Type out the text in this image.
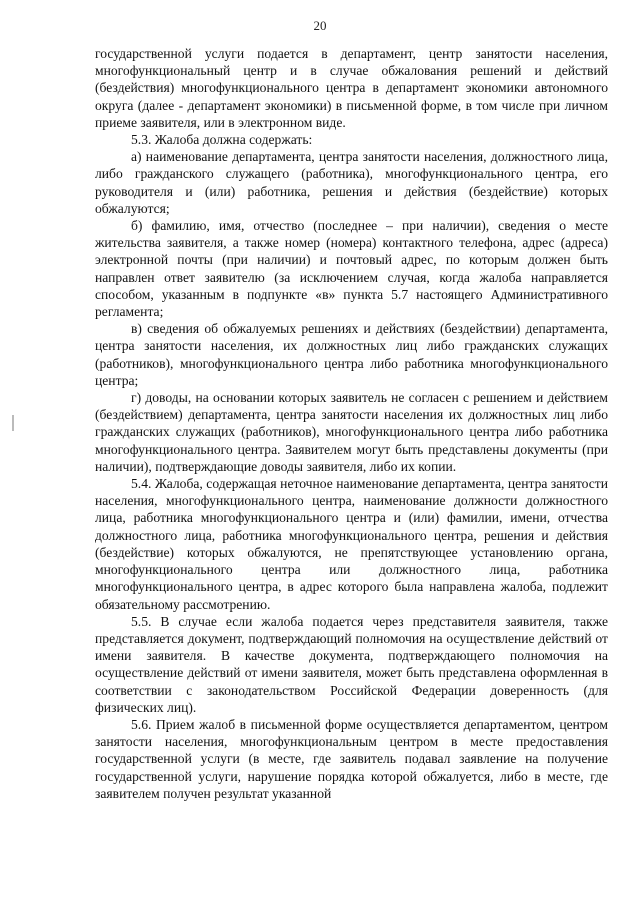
20

государственной услуги подается в департамент, центр занятости населения, многофункциональный центр и в случае обжалования решений и действий (бездействия) многофункционального центра в департамент экономики автономного округа (далее - департамент экономики) в письменной форме, в том числе при личном приеме заявителя, или в электронном виде.

5.3. Жалоба должна содержать:

а) наименование департамента, центра занятости населения, должностного лица, либо гражданского служащего (работника), многофункционального центра, его руководителя и (или) работника, решения и действия (бездействие) которых обжалуются;

б) фамилию, имя, отчество (последнее – при наличии), сведения о месте жительства заявителя, а также номер (номера) контактного телефона, адрес (адреса) электронной почты (при наличии) и почтовый адрес, по которым должен быть направлен ответ заявителю (за исключением случая, когда жалоба направляется способом, указанным в подпункте «в» пункта 5.7 настоящего Административного регламента;

в) сведения об обжалуемых решениях и действиях (бездействии) департамента, центра занятости населения, их должностных лиц либо гражданских служащих (работников), многофункционального центра либо работника многофункционального центра;

г) доводы, на основании которых заявитель не согласен с решением и действием (бездействием) департамента, центра занятости населения их должностных лиц либо гражданских служащих (работников), многофункционального центра либо работника многофункционального центра. Заявителем могут быть представлены документы (при наличии), подтверждающие доводы заявителя, либо их копии.

5.4. Жалоба, содержащая неточное наименование департамента, центра занятости населения, многофункционального центра, наименование должности должностного лица, работника многофункционального центра и (или) фамилии, имени, отчества должностного лица, работника многофункционального центра, решения и действия (бездействие) которых обжалуются, не препятствующее установлению органа, многофункционального центра или должностного лица, работника многофункционального центра, в адрес которого была направлена жалоба, подлежит обязательному рассмотрению.

5.5. В случае если жалоба подается через представителя заявителя, также представляется документ, подтверждающий полномочия на осуществление действий от имени заявителя. В качестве документа, подтверждающего полномочия на осуществление действий от имени заявителя, может быть представлена оформленная в соответствии с законодательством Российской Федерации доверенность (для физических лиц).

5.6. Прием жалоб в письменной форме осуществляется департаментом, центром занятости населения, многофункциональным центром в месте предоставления государственной услуги (в месте, где заявитель подавал заявление на получение государственной услуги, нарушение порядка которой обжалуется, либо в месте, где заявителем получен результат указанной
